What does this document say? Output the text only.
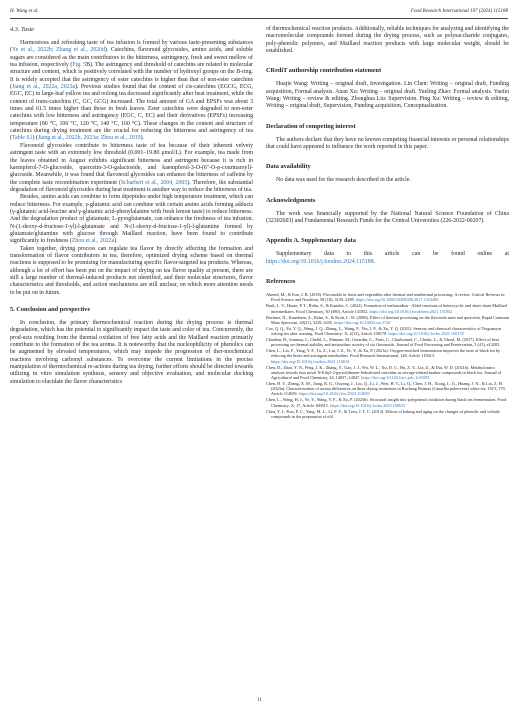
H. Wang et al.	Food Research International 197 (2024) 115188
4.3. Taste

Harmonious and refreshing taste of tea infusion is formed by various taste-presenting substances (Ye et al., 2022b; Zhang et al., 2020d). Catechins, flavonoid glycosides, amino acids, and soluble sugars are considered as the main contributors to the bitterness, astringency, fresh and sweet mellow of tea infusion, respectively (Fig. 5B). The astringency and threshold of catechins are related to molecular structure and content, which is positively correlated with the number of hydroxyl groups on the B-ring. It is widely accepted that the astringency of ester catechins is higher than that of non-ester catechins (Jiang et al., 2022a, 2023a). Previous studies found that the content of cis-catechins (EGCG, ECG, EGC, EC) in large-leaf yellow tea and oolong tea decreased significantly after heat treatment, while the content of trans-catechins (C, GC, GCG) increased. The total amount of GA and EPSFs was about 3 times and 61.5 times higher than those in fresh leaves. Ester catechins were degraded to non-ester catechins with low bitterness and astringency (EGC, C, EC) and their derivatives (EPSFs) increasing temperature (80 °C, 100 °C, 120 °C, 140 °C, 160 °C). These changes in the content and structure of catechins during drying treatment are the crucial for reducing the bitterness and astringency of tea (Table S1) (Jiang et al., 2022b, 2023a; Zhou et al., 2019).

Flavonoid glycosides contribute to bitterness taste of tea because of their inherent velvety astringent taste with an extremely low threshold (0.001–19.80 μmol/L). For example, tea made from the leaves obtained in August exhibits significant bitterness and astringent because it is rich in kaempferol-7-O-glucoside, quercetin-3-O-galactoside, and kaempferol-3-O-(6″-O-p-courmaroyl)-glucoside. Meanwhile, it was found that flavonoid glycosides can enhance the bitterness of caffeine by the complete taste recombination experiment (Scharbert et al., 2004, 2005). Therefore, the substantial degradation of flavonoid glycosides during heat treatment is another way to reduce the bitterness of tea.

Besides, amino acids can combine to form dipeptides under high temperature treatment, which can reduce bitterness. For example, γ-glutamic acid can combine with certain amino acids forming adducts (γ-glutamic acid-leucine and γ-glutamic acid-phenylalanine with fresh lemon taste) to reduce bitterness. And the degradation product of glutamate, L-pyroglutamate, can enhance the freshness of tea infusion. N-(1-deoxy-d-fructose-1-yl)-l-glutamate and N-(1-deoxy-d-fructose-1-yl)-l-glutamine formed by glutamate/glutamine with glucose through Maillard reaction, have been found to contribute significantly to freshness (Zhou et al., 2022a).

Taken together, drying process can regulate tea flavor by directly affecting the formation and transformation of flavor contributors in tea, therefore, optimized drying scheme based on thermal reactions is supposed to be promising for manufacturing specific flavor-targeted tea products. Whereas, although a lot of effort has been put on the impact of drying on tea flavor quality at present, there are still a large number of thermal-induced products not identified, and their molecular structures, flavor characteristics and thresholds, and action mechanisms are still unclear, on which more attention needs to be put on in future.

5. Conclusion and perspective

In conclusion, the primary thermochemical reaction during the drying process is thermal degradation, which has the potential to significantly impact the taste and color of tea. Concurrently, the prod-ucts resulting from the thermal oxidation of free fatty acids and the Maillard reaction primarily contribute to the formation of the tea aroma. It is noteworthy that the nucleophilicity of phenolics can be augmented by elevated temperatures, which may impede the progression of ther-mochemical reactions involving carbonyl substances. To overcome the current limitations in the precise manipulation of thermochemical re-actions during tea drying, further efforts should be directed towards utilizing in vitro simulation synthesis, sensory and objective evaluation, and molecular docking simulation to elucidate the flavor characteristics

of thermochemical reaction products. Additionally, reliable techniques for analyzing and identifying the macromolecular compounds formed during the drying process, such as polysaccharide conjugates, poly-phenolic polymers, and Maillard reaction products with large molecular weight, should be established.

CRediT authorship contribution statement

Huajie Wang: Writing – original draft, Investigation. Lin Chen: Writing – original draft, Funding acquisition, Formal analysis. Anan Xu: Writing – original draft. Yueling Zhao: Formal analysis. Yuefei Wang: Writing – review & editing. Zhonghua Liu: Supervision. Ping Xu: Writing – review & editing, Writing – original draft, Supervision, Funding acquisition, Conceptualization.

Declaration of competing interest

The authors declare that they have no known competing financial interests or personal relationships that could have appeared to influence the work reported in this paper.

Data availability

No data was used for the research described in the article.

Acknowledgments

The work was financially supported by the National Natural Science Foundation of China (32302603) and Fundamental Research Funds for the Central Universities (226-2022-00207).

Appendix A. Supplementary data

Supplementary data to this article can be found online at https://doi.org/10.1016/j.foodres.2024.115188.

References
Ahmed, M., & Eun, J. B. (2018). Flavonoids in fruits and vegetables after thermal and nonthermal processing: A review. Critical Reviews in Food Science and Nutrition, 58 (18), 3159–3188. https://doi.org/10.1080/10408398.2017.1353480
Bork, L. V., Haase, P. T., Rohn, S., & Kanzler, C. (2022). Formation of melanoidins - Aldol reactions of heterocyclic and short-chain Maillard intermediates. Food Chemistry, 30 (380), Article 131852. https://doi.org/10.1016/j.foodchem.2021.131852
Buchner, N., Krumbein, A., Rohn, S., & Kroh, L. W. (2006). Effect of thermal processing on the flavonols rutin and quercetin. Rapid Commun Mass Spectrom, 20(21), 3229–3235. https://doi.org/10.1002/rcm.2720
Cao, Q. Q., Fu, Y. Q., Wang, J. Q., Zhang, L., Wang, F., Yin, J. F., & Xu, Y. Q. (2021). Sensory and chemical characteristics of Tieguanyin oolong tea after roasting. Food Chemistry: X, 2(12), Article 100178. https://doi.org/10.1016/j.fochx.2021.100178
Chaaban, H., Ioannou, I., Chebil, L., Slimane, M., Gerardin, C., Paris, C., Charbonnel, C., Chekir, L., & Ghoul, M. (2017). Effect of heat processing on thermal stability and antioxidant activity of six flavonoids. Journal of Food Processing and Preservation, 5 (41), e13203.
Chen, L., Liu, F., Yang, Y. F., Tu, Z., Lin, J. Z., Ye, Y., & Xu, P. (2021a). Oxygen-enriched fermentation improves the taste of black tea by reducing the bitter and astringent metabolites. Food Research International, 148, Article 110613. https://doi.org/10.1016/j.foodres.2021.110613
Chen, D., Zhao, Y. N., Peng, J. K., Zhang, Y., Gao, J. J., Wu, W. L., Xu, D. C., Hu, Z. Y., Lin, Z., & Dai, W. D. (2021b). Metabolomics analysis reveals four novel N-Ethyl-2-pyrrolidinone-Substituted catechins as storage-related marker compounds in black tea. Journal of Agricultural and Food Chemistry, 24, 14037–14047. https://doi.org/10.1021/acs.jafc.1c05851
Chen, H. Y., Zhang, X. M., Jiang, R. G., Ouyang, J., Liu, Q., Li, J., Wen, H. T., Li, Q., Chen, J. H., Xiong, L. G., Huang, J. N., & Liu, Z. H. (2023a). Characterization of aroma differences on three drying treatments in Rucheng Baimao (Camellia pubescens) white tea. LWT, 179, Article 114659. https://doi.org/10.1016/j.lwt.2023.114659
Chen, L., Wang, H. J., Ye, Y., Wang, Y. F., & Xu, P. (2023b). Structural insight into polyphenol oxidation during black tea fermentation. Food Chemistry: X, 17, Article 100615. https://doi.org/10.1016/j.fochx.2023.100615
Chen, Y. J., Kuo, P. C., Yang, M. L., Li, F. Y., & Tzen, J. T. C. (2013). Effects of baking and aging on the changes of phenolic and volatile compounds in the preparation of old
11
